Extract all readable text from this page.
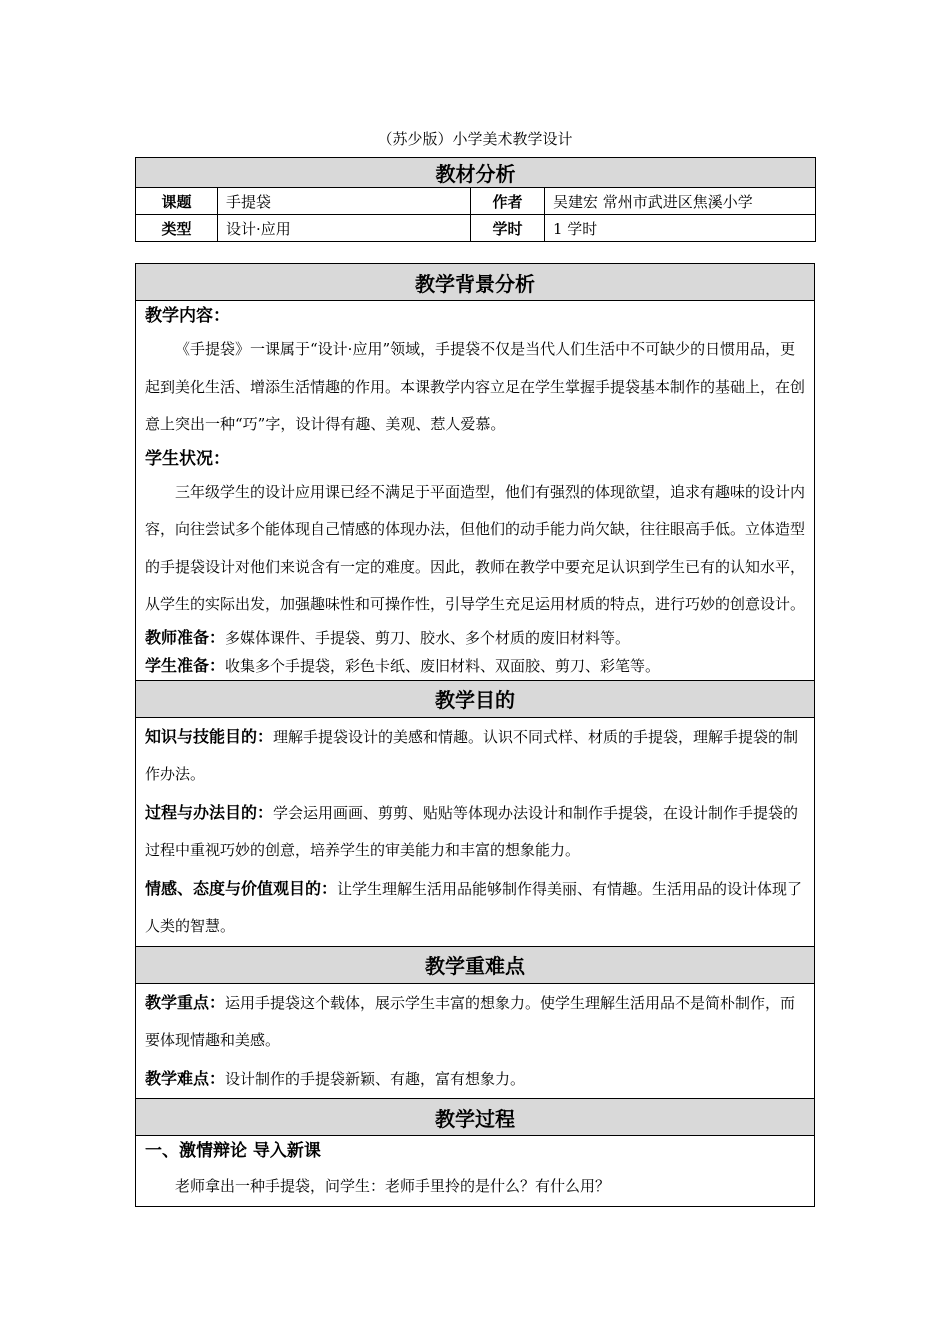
（苏少版）小学美术教学设计
教材分析			
课题	手提袋	作者	吴建宏 常州市武进区焦溪小学
类型	设计·应用	学时	1 学时
教学背景分析

教学内容：
《手提袋》一课属于“设计·应用”领域，手提袋不仅是当代人们生活中不可缺少的日惯用品，更起到美化生活、增添生活情趣的作用。本课教学内容立足在学生掌握手提袋基本制作的基础上，在创意上突出一种“巧”字，设计得有趣、美观、惹人爱慕。
学生状况：
三年级学生的设计应用课已经不满足于平面造型，他们有强烈的体现欲望，追求有趣味的设计内容，向往尝试多个能体现自己情感的体现办法，但他们的动手能力尚欠缺，往往眼高手低。立体造型的手提袋设计对他们来说含有一定的难度。因此，教师在教学中要充足认识到学生已有的认知水平，从学生的实际出发，加强趣味性和可操作性，引导学生充足运用材质的特点，进行巧妙的创意设计。
教师准备：多媒体课件、手提袋、剪刀、胶水、多个材质的废旧材料等。
学生准备：收集多个手提袋，彩色卡纸、废旧材料、双面胶、剪刀、彩笔等。

教学目的

知识与技能目的：理解手提袋设计的美感和情趣。认识不同式样、材质的手提袋，理解手提袋的制作办法。
过程与办法目的：学会运用画画、剪剪、贴贴等体现办法设计和制作手提袋，在设计制作手提袋的过程中重视巧妙的创意，培养学生的审美能力和丰富的想象能力。
情感、态度与价值观目的：让学生理解生活用品能够制作得美丽、有情趣。生活用品的设计体现了人类的智慧。

教学重难点

教学重点：运用手提袋这个载体，展示学生丰富的想象力。使学生理解生活用品不是简朴制作，而要体现情趣和美感。
教学难点：设计制作的手提袋新颖、有趣，富有想象力。

教学过程

一、激情辩论 导入新课
老师拿出一种手提袋，问学生：老师手里拎的是什么？有什么用？
